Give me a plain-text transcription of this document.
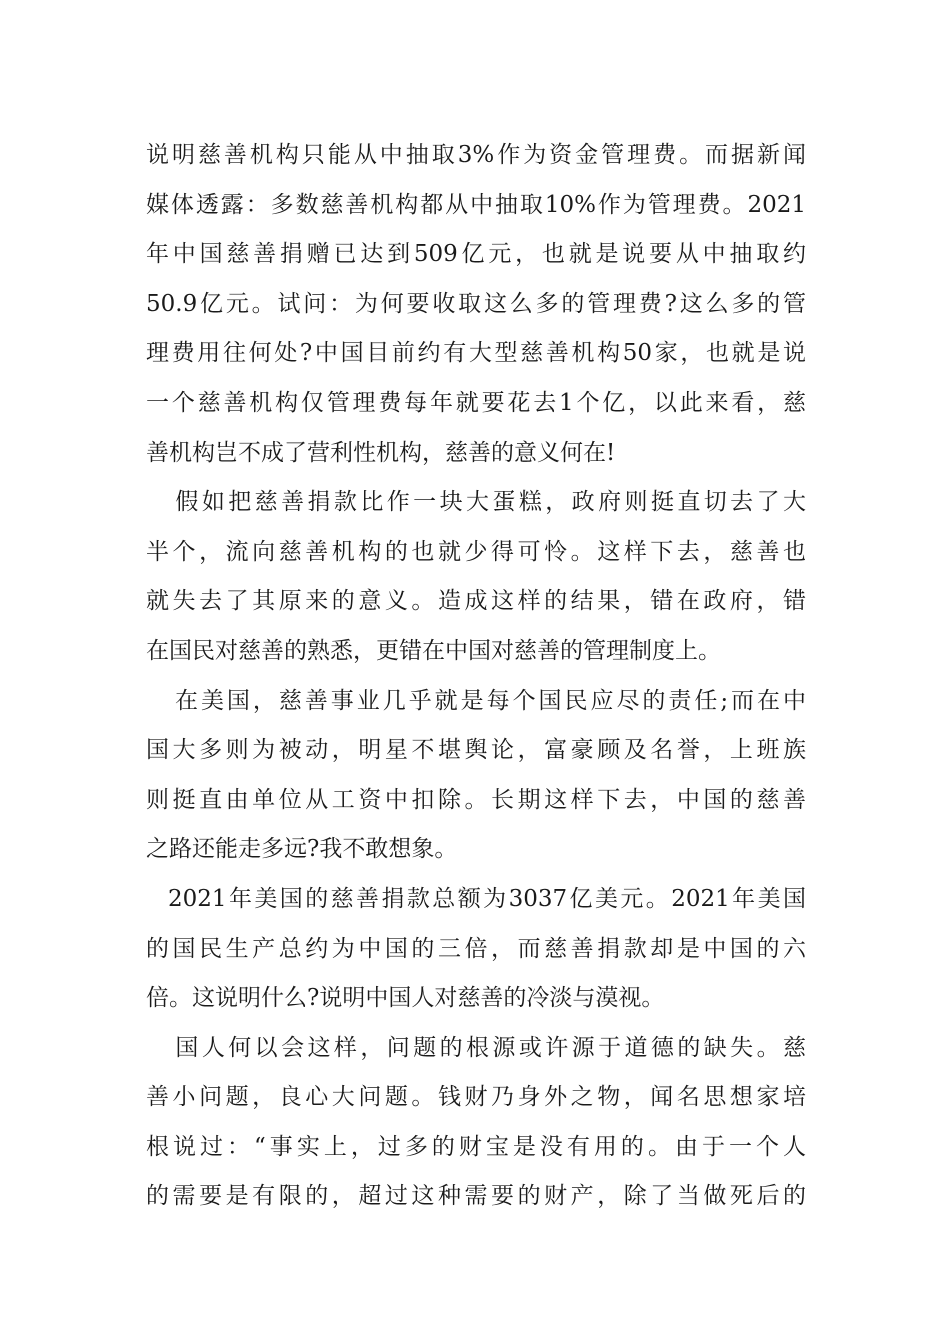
说明慈善机构只能从中抽取3%作为资金管理费。而据新闻

媒体透露：多数慈善机构都从中抽取10%作为管理费。2021

年中国慈善捐赠已达到509亿元，也就是说要从中抽取约

50.9亿元。试问：为何要收取这么多的管理费?这么多的管

理费用往何处?中国目前约有大型慈善机构50家，也就是说

一个慈善机构仅管理费每年就要花去1个亿，以此来看，慈

善机构岂不成了营利性机构，慈善的意义何在!

假如把慈善捐款比作一块大蛋糕，政府则挺直切去了大

半个，流向慈善机构的也就少得可怜。这样下去，慈善也

就失去了其原来的意义。造成这样的结果，错在政府，错

在国民对慈善的熟悉，更错在中国对慈善的管理制度上。

在美国，慈善事业几乎就是每个国民应尽的责任;而在中

国大多则为被动，明星不堪舆论，富豪顾及名誉，上班族

则挺直由单位从工资中扣除。长期这样下去，中国的慈善

之路还能走多远?我不敢想象。

2021年美国的慈善捐款总额为3037亿美元。2021年美国

的国民生产总约为中国的三倍，而慈善捐款却是中国的六

倍。这说明什么?说明中国人对慈善的冷淡与漠视。

国人何以会这样，问题的根源或许源于道德的缺失。慈

善小问题，良心大问题。钱财乃身外之物，闻名思想家培

根说过：“事实上，过多的财宝是没有用的。由于一个人

的需要是有限的，超过这种需要的财产，除了当做死后的
